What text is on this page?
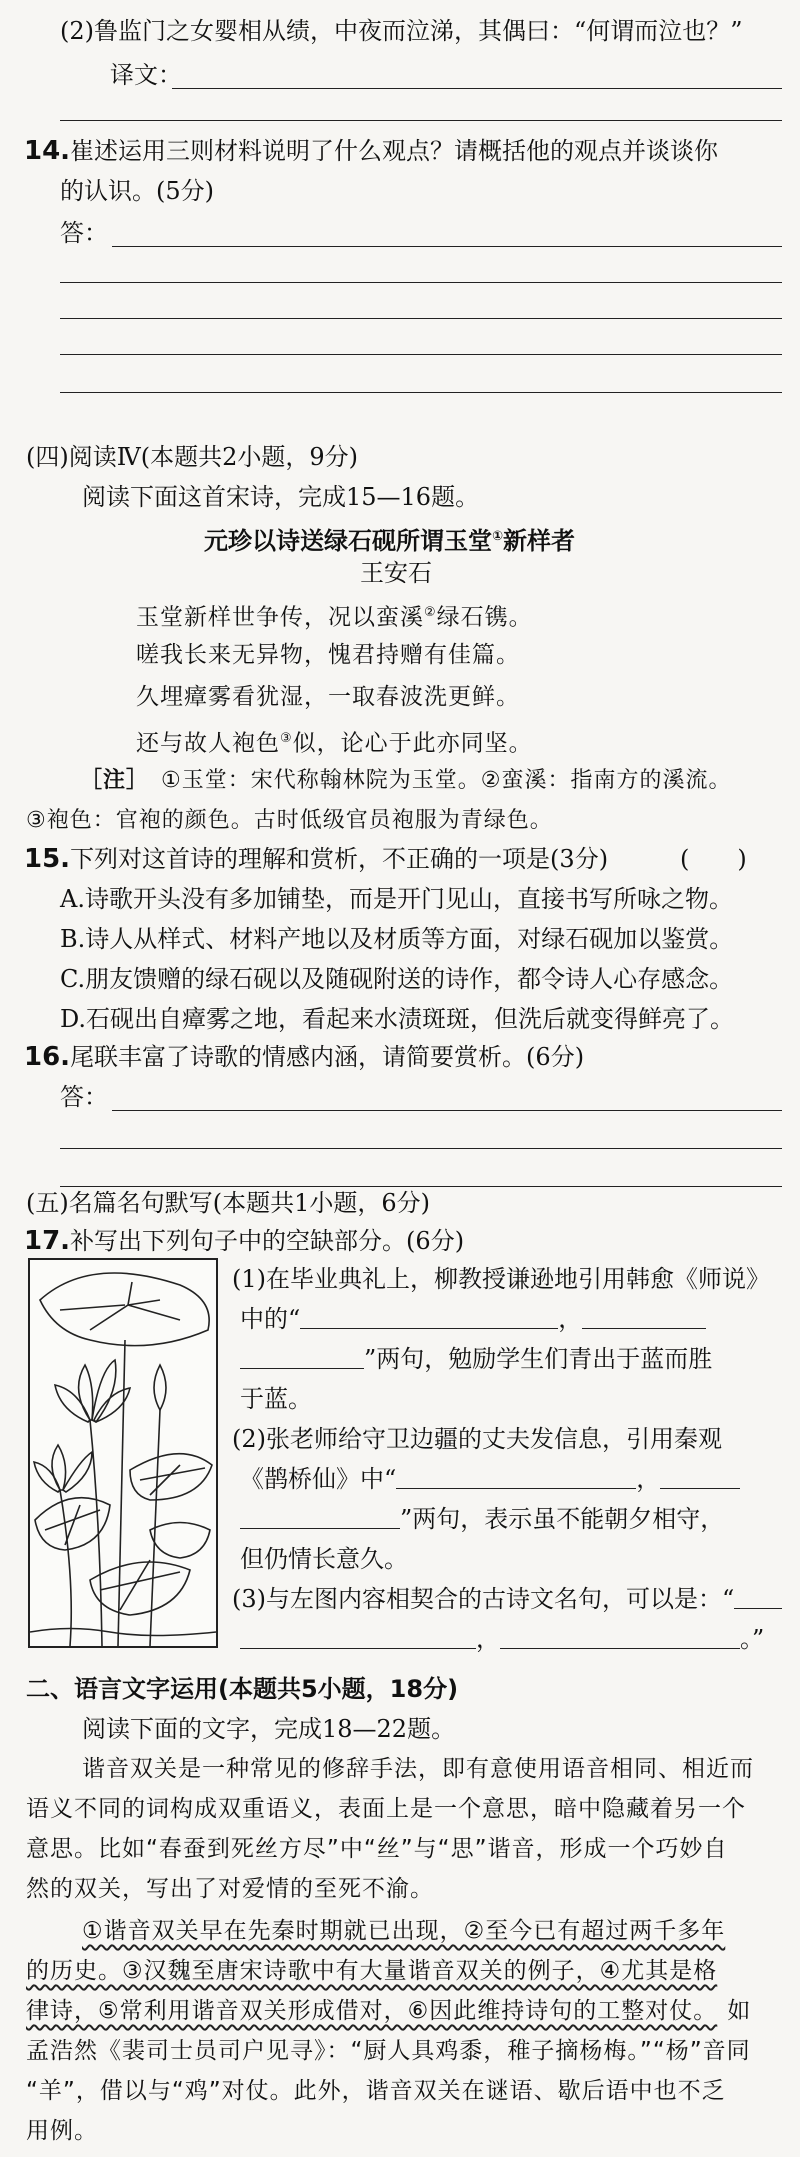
(2)鲁监门之女婴相从绩，中夜而泣涕，其偶曰：“何谓而泣也？”
译文：
14.崔述运用三则材料说明了什么观点？请概括他的观点并谈谈你
的认识。(5分)
答：
(四)阅读Ⅳ(本题共2小题，9分)
阅读下面这首宋诗，完成15—16题。
元珍以诗送绿石砚所谓玉堂①新样者
王安石
玉堂新样世争传，况以蛮溪②绿石镌。
嗟我长来无异物，愧君持赠有佳篇。
久埋瘴雾看犹湿，一取春波洗更鲜。
还与故人袍色③似，论心于此亦同坚。
［注］ ①玉堂：宋代称翰林院为玉堂。②蛮溪：指南方的溪流。
③袍色：官袍的颜色。古时低级官员袍服为青绿色。
15.下列对这首诗的理解和赏析，不正确的一项是(3分)	(　　)
A.诗歌开头没有多加铺垫，而是开门见山，直接书写所咏之物。
B.诗人从样式、材料产地以及材质等方面，对绿石砚加以鉴赏。
C.朋友馈赠的绿石砚以及随砚附送的诗作，都令诗人心存感念。
D.石砚出自瘴雾之地，看起来水渍斑斑，但洗后就变得鲜亮了。
16.尾联丰富了诗歌的情感内涵，请简要赏析。(6分)
答：
(五)名篇名句默写(本题共1小题，6分)
17.补写出下列句子中的空缺部分。(6分)
(1)在毕业典礼上，柳教授谦逊地引用韩愈《师说》
中的“	，
”两句，勉励学生们青出于蓝而胜
于蓝。
(2)张老师给守卫边疆的丈夫发信息，引用秦观
《鹊桥仙》中“	，
”两句，表示虽不能朝夕相守，
但仍情长意久。
(3)与左图内容相契合的古诗文名句，可以是：“
，	。”
二、语言文字运用(本题共5小题，18分)
阅读下面的文字，完成18—22题。
谐音双关是一种常见的修辞手法，即有意使用语音相同、相近而
语义不同的词构成双重语义，表面上是一个意思，暗中隐藏着另一个
意思。比如“春蚕到死丝方尽”中“丝”与“思”谐音，形成一个巧妙自
然的双关，写出了对爱情的至死不渝。
①谐音双关早在先秦时期就已出现，②至今已有超过两千多年
的历史。③汉魏至唐宋诗歌中有大量谐音双关的例子，④尤其是格
律诗，⑤常利用谐音双关形成借对，⑥因此维持诗句的工整对仗。 如
孟浩然《裴司士员司户见寻》：“厨人具鸡黍，稚子摘杨梅。”“杨”音同
“羊”，借以与“鸡”对仗。此外，谐音双关在谜语、歇后语中也不乏
用例。
